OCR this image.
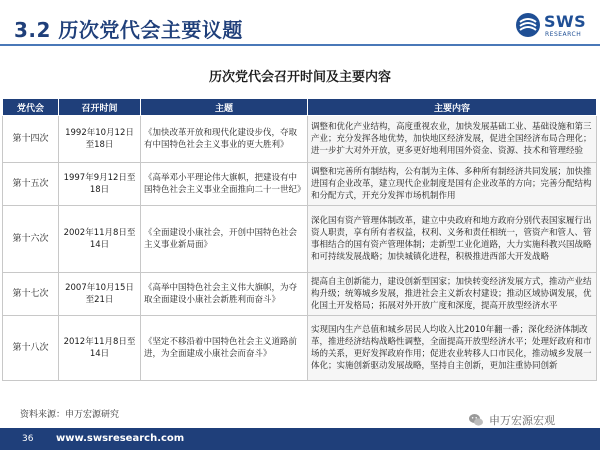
3.2 历次党代会主要议题	SWS
RESEARCH
历次党代会召开时间及主要内容
党代会	召开时间	主题	主要内容
第十四次	1992年10月12日至18日	《加快改革开放和现代化建设步伐，夺取有中国特色社会主义事业的更大胜利》	调整和优化产业结构，高度重视农业，加快发展基础工业、基础设施和第三产业；充分发挥各地优势，加快地区经济发展，促进全国经济布局合理化；进一步扩大对外开放，更多更好地利用国外资金、资源、技术和管理经验
第十五次	1997年9月12日至18日	《高举邓小平理论伟大旗帜，把建设有中国特色社会主义事业全面推向二十一世纪》	调整和完善所有制结构，公有制为主体、多种所有制经济共同发展；加快推进国有企业改革，建立现代企业制度是国有企业改革的方向；完善分配结构和分配方式，开充分发挥市场机制作用
第十六次	2002年11月8日至14日	《全面建设小康社会，开创中国特色社会主义事业新局面》	深化国有资产管理体制改革，建立中央政府和地方政府分别代表国家履行出资人职责，享有所有者权益，权利、义务和责任相统一，管资产和管人、管事相结合的国有资产管理体制；走新型工业化道路，大力实施科教兴国战略和可持续发展战略；加快城镇化进程，积极推进西部大开发战略
第十七次	2007年10月15日至21日	《高举中国特色社会主义伟大旗帜，为夺取全面建设小康社会新胜利而奋斗》	提高自主创新能力，建设创新型国家；加快转变经济发展方式，推动产业结构升级；统筹城乡发展，推进社会主义新农村建设；推动区域协调发展，优化国土开发格局；拓展对外开放广度和深度，提高开放型经济水平
第十八次	2012年11月8日至14日	《坚定不移沿着中国特色社会主义道路前进，为全面建成小康社会而奋斗》	实现国内生产总值和城乡居民人均收入比2010年翻一番；深化经济体制改革，推进经济结构战略性调整，全面提高开放型经济水平；处理好政府和市场的关系，更好发挥政府作用；促进农业转移人口市民化，推动城乡发展一体化；实施创新驱动发展战略，坚持自主创新，更加注重协同创新
资料来源：申万宏源研究	申万宏源宏观
36 www.swsresearch.com
